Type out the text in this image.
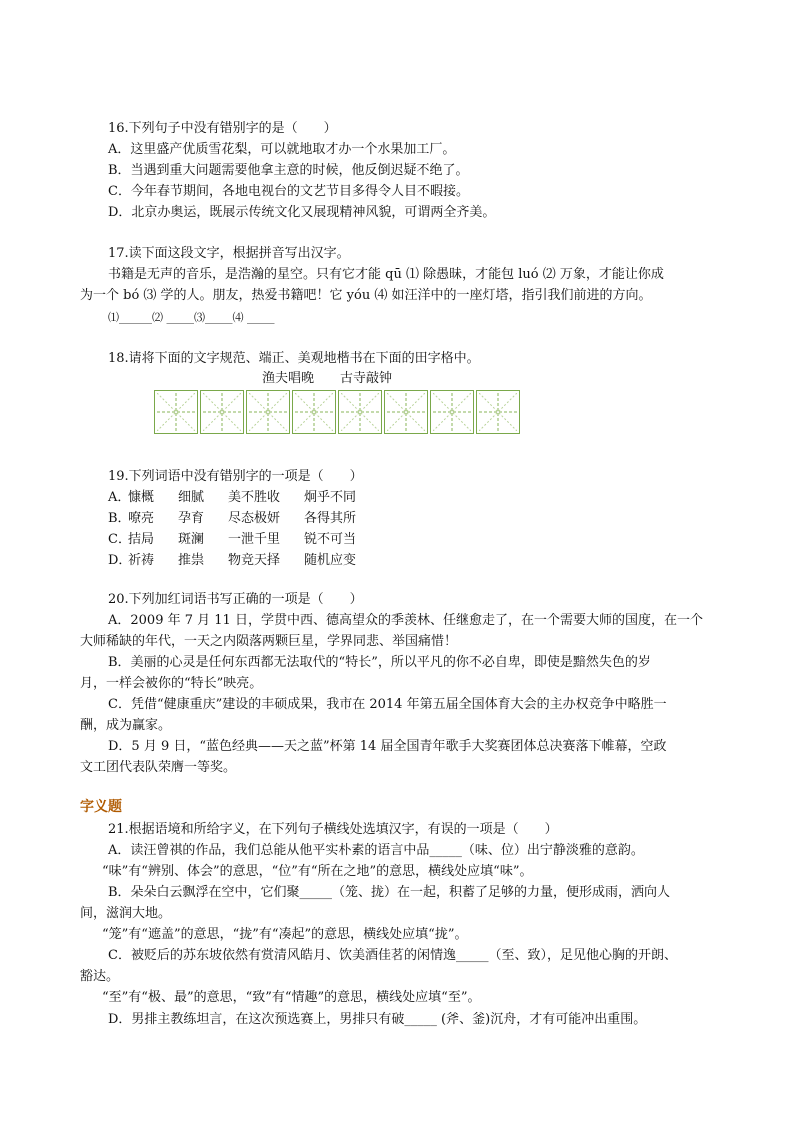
16.下列句子中没有错别字的是（　　）
A．这里盛产优质雪花梨，可以就地取才办一个水果加工厂。
B．当遇到重大问题需要他拿主意的时候，他反倒迟疑不绝了。
C．今年春节期间，各地电视台的文艺节目多得令人目不暇接。
D．北京办奥运，既展示传统文化又展现精神风貌，可谓两全齐美。
17.读下面这段文字，根据拼音写出汉字。
书籍是无声的音乐，是浩瀚的星空。只有它才能 qū ⑴ 除愚昧，才能包 luó ⑵ 万象，才能让你成
为一个 bó ⑶ 学的人。朋友，热爱书籍吧！它 yóu ⑷ 如汪洋中的一座灯塔，指引我们前进的方向。
⑴______⑵ _____⑶_____⑷ _____
18.请将下面的文字规范、端正、美观地楷书在下面的田字格中。
渔夫唱晚　　古寺敲钟
19.下列词语中没有错别字的一项是（　　）
A．
慷概 细腻 美不胜收 炯乎不同
B．
嘹亮 孕育 尽态极妍 各得其所
C．
拮局 斑澜 一泄千里 锐不可当
D．
祈祷 推祟 物竞天择 随机应变
20.下列加红词语书写正确的一项是（　　）
A．2009 年 7 月 11 日，学贯中西、德高望众的季羡林、任继愈走了，在一个需要大师的国度，在一个
大师稀缺的年代，一天之内陨落两颗巨星，学界同悲、举国痛惜！
B．美丽的心灵是任何东西都无法取代的“特长”，所以平凡的你不必自卑，即使是黯然失色的岁
月，一样会被你的“特长”映亮。
C．凭借“健康重庆”建设的丰硕成果，我市在 2014 年第五届全国体育大会的主办权竞争中略胜一
酬，成为赢家。
D．5 月 9 日，“蓝色经典——天之蓝”杯第 14 届全国青年歌手大奖赛团体总决赛落下帷幕，空政
文工团代表队荣膺一等奖。
字义题
21.根据语境和所给字义，在下列句子横线处选填汉字，有误的一项是（　　）
A．读汪曾祺的作品，我们总能从他平实朴素的语言中品_____（味、位）出宁静淡雅的意韵。
“味”有“辨别、体会”的意思，“位”有“所在之地”的意思，横线处应填“味”。
B．朵朵白云飘浮在空中，它们聚_____（笼、拢）在一起，积蓄了足够的力量，便形成雨，洒向人
间，滋润大地。
“笼”有“遮盖”的意思，“拢”有“凑起”的意思，横线处应填“拢”。
C．被贬后的苏东坡依然有赏清风皓月、饮美酒佳茗的闲情逸_____（至、致），足见他心胸的开朗、
豁达。
“至”有“极、最”的意思，“致”有“情趣”的意思，横线处应填“至”。
D．男排主教练坦言，在这次预选赛上，男排只有破_____ (斧、釜)沉舟，才有可能冲出重围。
